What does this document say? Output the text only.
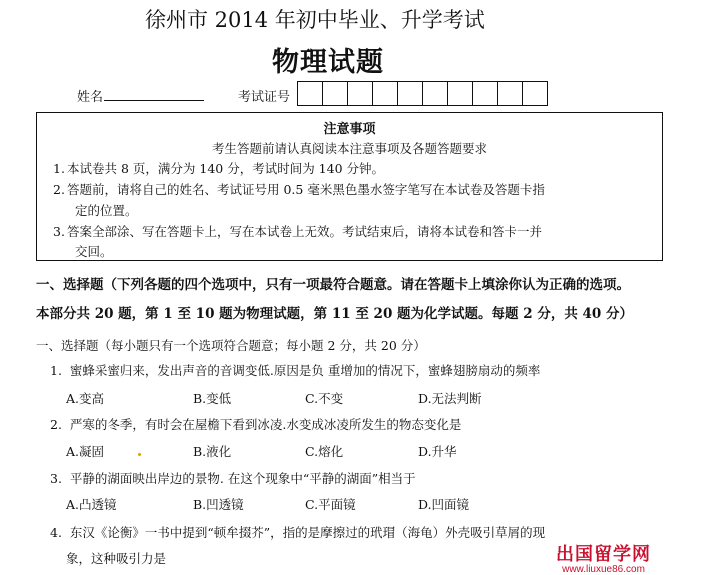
徐州市 2014 年初中毕业、升学考试
物理试题
姓名	考试证号
注意事项
考生答题前请认真阅读本注意事项及各题答题要求
1. 本试卷共 8 页，满分为 140 分，考试时间为 140 分钟。
2. 答题前，请将自己的姓名、考试证号用 0.5 毫米黑色墨水签字笔写在本试卷及答题卡指
定的位置。
3. 答案全部涂、写在答题卡上，写在本试卷上无效。考试结束后，请将本试卷和答卡一并
交回。
一、选择题（下列各题的四个选项中，只有一项最符合题意。请在答题卡上填涂你认为正确的选项。
本部分共 20 题，第 1 至 10 题为物理试题，第 11 至 20 题为化学试题。每题 2 分，共 40 分）
一、选择题（每小题只有一个选项符合题意；每小题 2 分，共 20 分）
1. 蜜蜂采蜜归来，发出声音的音调变低.原因是负 重增加的情况下，蜜蜂翅膀扇动的频率
A.变高	B.变低	C.不变	D.无法判断
2. 严寒的冬季，有时会在屋檐下看到冰凌.水变成冰凌所发生的物态变化是
A.凝固	B.液化	C.熔化	D.升华
3. 平静的湖面映出岸边的景物. 在这个现象中“平静的湖面”相当于
A.凸透镜	B.凹透镜	C.平面镜	D.凹面镜
4. 东汉《论衡》一书中提到“顿牟掇芥”，指的是摩擦过的玳瑁（海龟）外壳吸引草屑的现
象，这种吸引力是	出国留学网
www.liuxue86.com
